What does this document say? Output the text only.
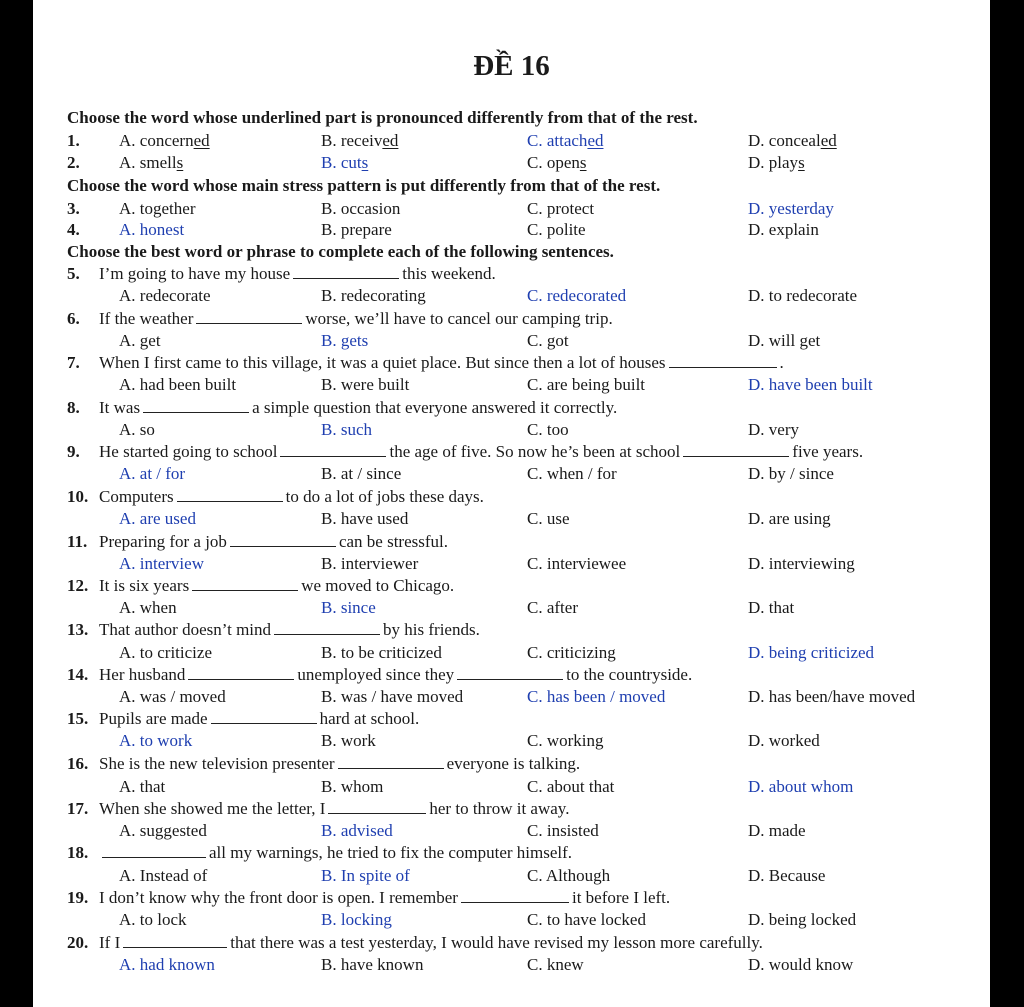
ĐỀ 16
Choose the word whose underlined part is pronounced differently from that of the rest.
Choose the word whose main stress pattern is put differently from that of the rest.
Choose the best word or phrase to complete each of the following sentences.
1. A. concerned	B. received	C. attached	D. concealed
2. A. smells	B. cuts	C. opens	D. plays
3. A. together	B. occasion	C. protect	D. yesterday
4. A. honest	B. prepare	C. polite	D. explain
5. I’m going to have my house	this weekend.
A. redecorate	B. redecorating	C. redecorated	D. to redecorate
6. If the weather	worse, we’ll have to cancel our camping trip.
A. get	B. gets	C. got	D. will get
7. When I first came to this village, it was a quiet place. But since then a lot of houses	.
A. had been built	B. were built	C. are being built	D. have been built
8. It was	a simple question that everyone answered it correctly.
A. so	B. such	C. too	D. very
9. He started going to school	the age of five. So now he’s been at school	five years.
A. at / for	B. at / since	C. when / for	D. by / since
10. Computers	to do a lot of jobs these days.
A. are used	B. have used	C. use	D. are using
11. Preparing for a job	can be stressful.
A. interview	B. interviewer	C. interviewee	D. interviewing
12. It is six years	we moved to Chicago.
A. when	B. since	C. after	D. that
13. That author doesn’t mind	by his friends.
A. to criticize	B. to be criticized	C. criticizing	D. being criticized
14. Her husband	unemployed since they	to the countryside.
A. was / moved	B. was / have moved	C. has been / moved	D. has been/have moved
15. Pupils are made	hard at school.
A. to work	B. work	C. working	D. worked
16. She is the new television presenter	everyone is talking.
A. that	B. whom	C. about that	D. about whom
17. When she showed me the letter, I	her to throw it away.
A. suggested	B. advised	C. insisted	D. made
18.	all my warnings, he tried to fix the computer himself.
A. Instead of	B. In spite of	C. Although	D. Because
19. I don’t know why the front door is open. I remember	it before I left.
A. to lock	B. locking	C. to have locked	D. being locked
20. If I	that there was a test yesterday, I would have revised my lesson more carefully.
A. had known	B. have known	C. knew	D. would know
